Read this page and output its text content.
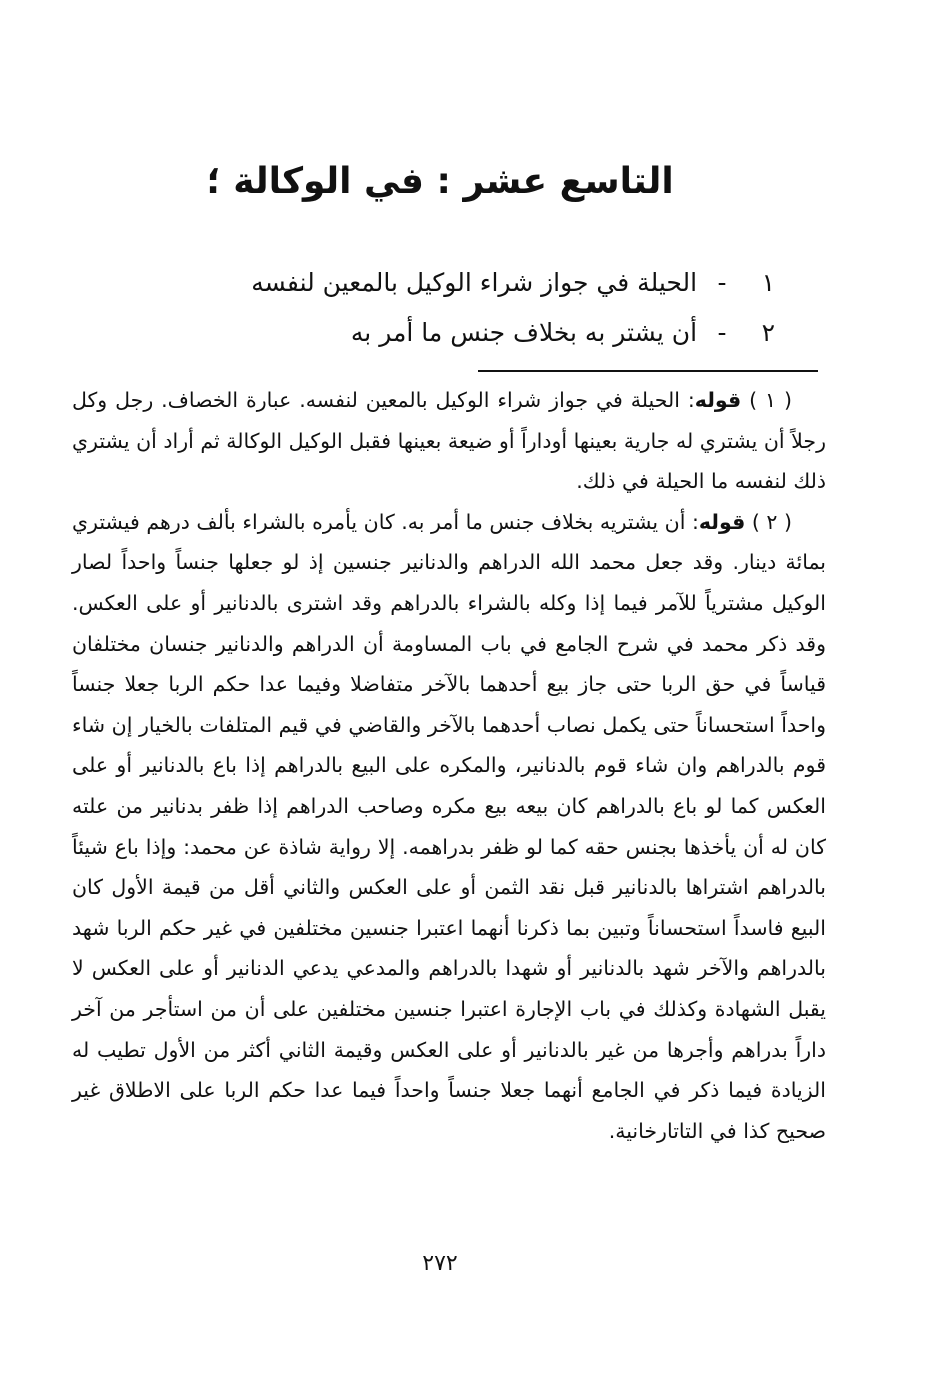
التاسع عشر : في الوكالة ؛
١ - الحيلة في جواز شراء الوكيل بالمعين لنفسه
٢ - أن يشتر به بخلاف جنس ما أمر به

( ١ ) قوله: الحيلة في جواز شراء الوكيل بالمعين لنفسه. عبارة الخصاف. رجل وكل رجلاً أن يشتري له جارية بعينها أوداراً أو ضيعة بعينها فقبل الوكيل الوكالة ثم أراد أن يشتري ذلك لنفسه ما الحيلة في ذلك.

( ٢ ) قوله: أن يشتريه بخلاف جنس ما أمر به. كان يأمره بالشراء بألف درهم فيشتري بمائة دينار. وقد جعل محمد الله الدراهم والدنانير جنسين إذ لو جعلها جنساً واحداً لصار الوكيل مشترياً للآمر فيما إذا وكله بالشراء بالدراهم وقد اشترى بالدنانير أو على العكس. وقد ذكر محمد في شرح الجامع في باب المساومة أن الدراهم والدنانير جنسان مختلفان قياساً في حق الربا حتى جاز بيع أحدهما بالآخر متفاضلا وفيما عدا حكم الربا جعلا جنساً واحداً استحساناً حتى يكمل نصاب أحدهما بالآخر والقاضي في قيم المتلفات بالخيار إن شاء قوم بالدراهم وان شاء قوم بالدنانير، والمكره على البيع بالدراهم إذا باع بالدنانير أو على العكس كما لو باع بالدراهم كان بيعه بيع مكره وصاحب الدراهم إذا ظفر بدنانير من علته كان له أن يأخذها بجنس حقه كما لو ظفر بدراهمه. إلا رواية شاذة عن محمد: وإذا باع شيئاً بالدراهم اشتراها بالدنانير قبل نقد الثمن أو على العكس والثاني أقل من قيمة الأول كان البيع فاسداً استحساناً وتبين بما ذكرنا أنهما اعتبرا جنسين مختلفين في غير حكم الربا شهد بالدراهم والآخر شهد بالدنانير أو شهدا بالدراهم والمدعي يدعي الدنانير أو على العكس لا يقبل الشهادة وكذلك في باب الإجارة اعتبرا جنسين مختلفين على أن من استأجر من آخر داراً بدراهم وأجرها من غير بالدنانير أو على العكس وقيمة الثاني أكثر من الأول تطيب له الزيادة فيما ذكر في الجامع أنهما جعلا جنساً واحداً فيما عدا حكم الربا على الاطلاق غير صحيح كذا في التاتارخانية.

٢٧٢
